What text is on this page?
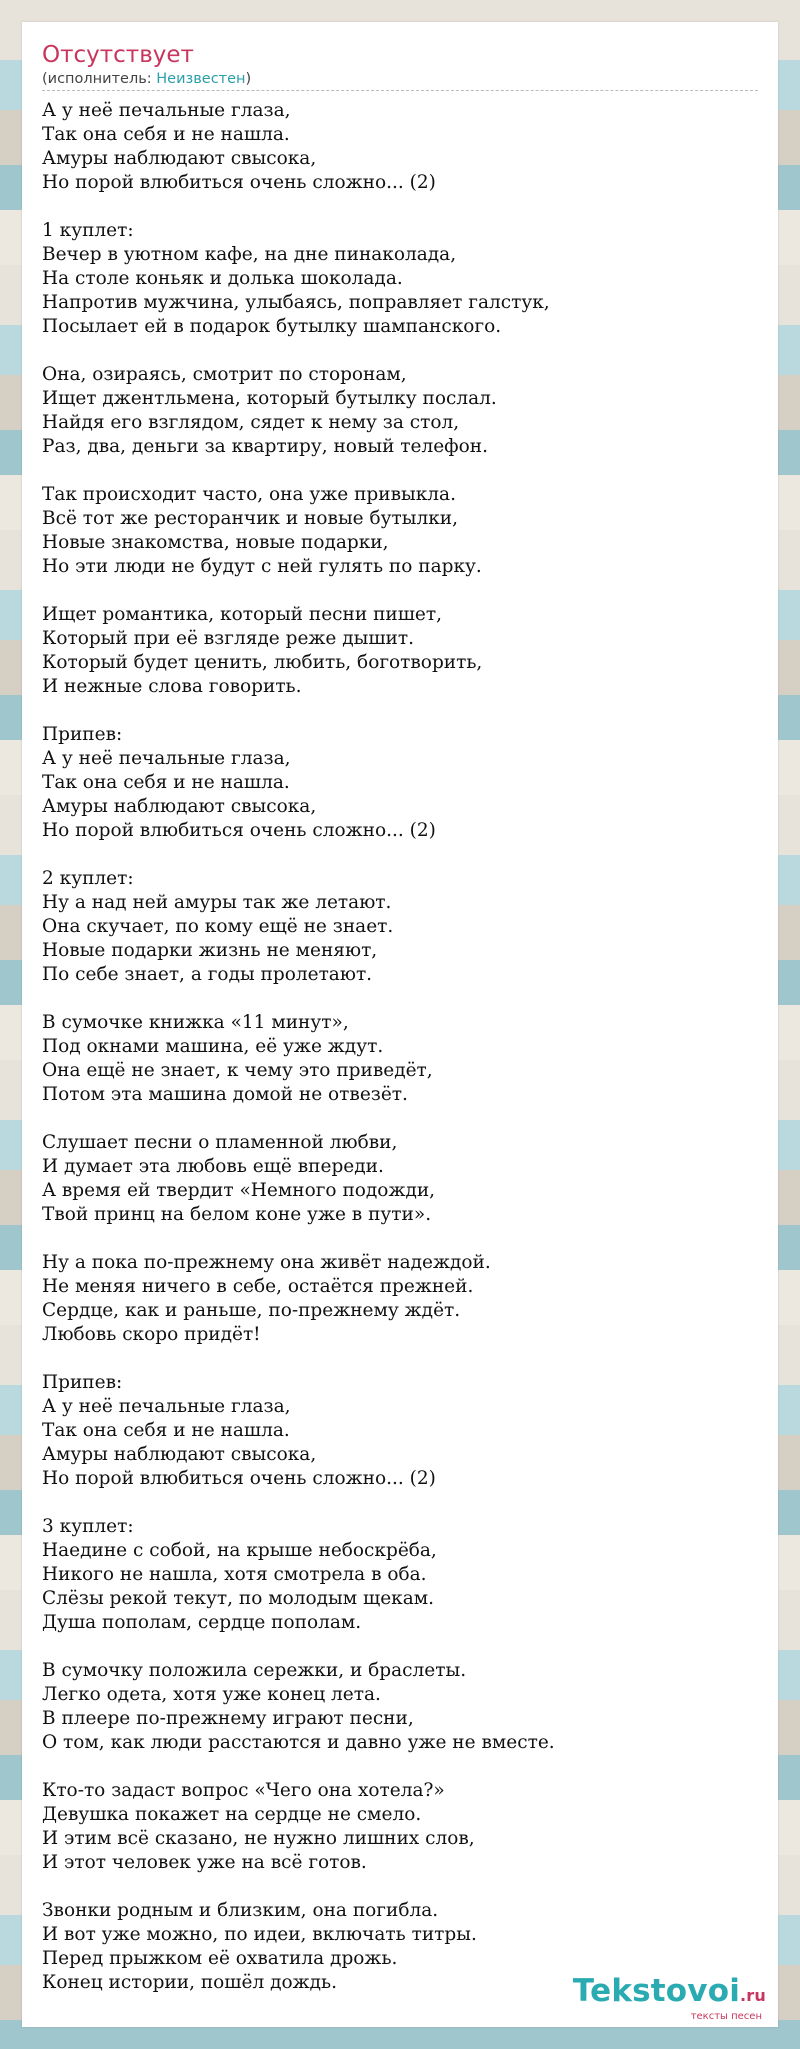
Отсутствует
(исполнитель: Неизвестен)
А у неё печальные глаза,
Так она себя и не нашла.
Амуры наблюдают свысока,
Но порой влюбиться очень сложно... (2)

1 куплет:
Вечер в уютном кафе, на дне пинаколада,
На столе коньяк и долька шоколада.
Напротив мужчина, улыбаясь, поправляет галстук,
Посылает ей в подарок бутылку шампанского.

Она, озираясь, смотрит по сторонам,
Ищет джентльмена, который бутылку послал.
Найдя его взглядом, сядет к нему за стол,
Раз, два, деньги за квартиру, новый телефон.

Так происходит часто, она уже привыкла.
Всё тот же ресторанчик и новые бутылки,
Новые знакомства, новые подарки,
Но эти люди не будут с ней гулять по парку.

Ищет романтика, который песни пишет,
Который при её взгляде реже дышит.
Который будет ценить, любить, боготворить,
И нежные слова говорить.

Припев:
А у неё печальные глаза,
Так она себя и не нашла.
Амуры наблюдают свысока,
Но порой влюбиться очень сложно... (2)

2 куплет:
Ну а над ней амуры так же летают.
Она скучает, по кому ещё не знает.
Новые подарки жизнь не меняют,
По себе знает, а годы пролетают.

В сумочке книжка «11 минут»,
Под окнами машина, её уже ждут.
Она ещё не знает, к чему это приведёт,
Потом эта машина домой не отвезёт.

Слушает песни о пламенной любви,
И думает эта любовь ещё впереди.
А время ей твердит «Немного подожди,
Твой принц на белом коне уже в пути».

Ну а пока по-прежнему она живёт надеждой.
Не меняя ничего в себе, остаётся прежней.
Сердце, как и раньше, по-прежнему ждёт.
Любовь скоро придёт!

Припев:
А у неё печальные глаза,
Так она себя и не нашла.
Амуры наблюдают свысока,
Но порой влюбиться очень сложно... (2)

3 куплет:
Наедине с собой, на крыше небоскрёба,
Никого не нашла, хотя смотрела в оба.
Слёзы рекой текут, по молодым щекам.
Душа пополам, сердце пополам.

В сумочку положила сережки, и браслеты.
Легко одета, хотя уже конец лета.
В плеере по-прежнему играют песни,
О том, как люди расстаются и давно уже не вместе.

Кто-то задаст вопрос «Чего она хотела?»
Девушка покажет на сердце не смело.
И этим всё сказано, не нужно лишних слов,
И этот человек уже на всё готов.

Звонки родным и близким, она погибла.
И вот уже можно, по идеи, включать титры.
Перед прыжком её охватила дрожь.
Конец истории, пошёл дождь.	Tekstovoi.ru
тексты песен
